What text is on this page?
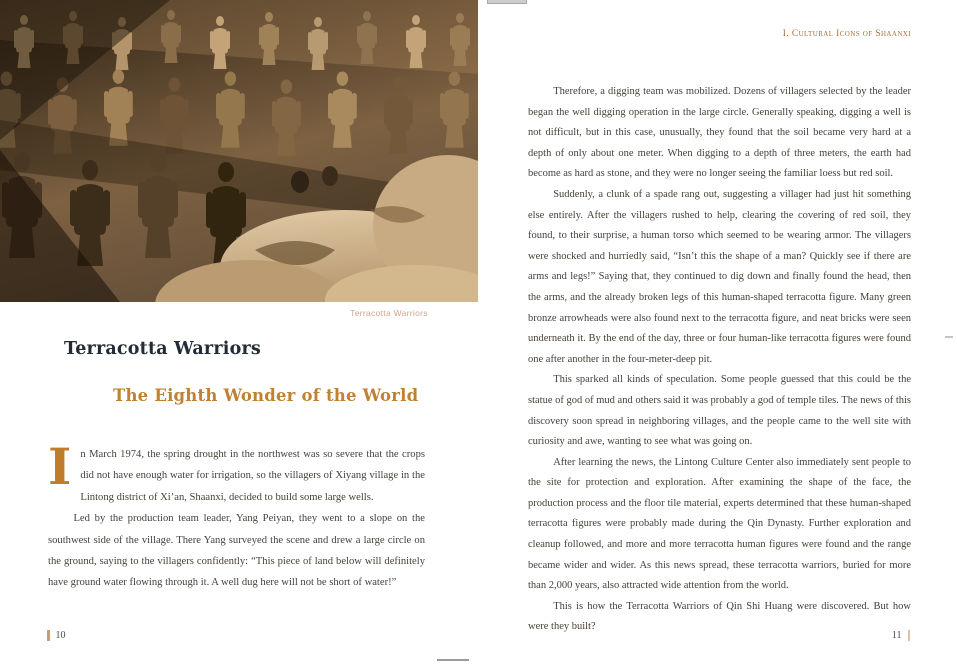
Terracotta Warriors
Terracotta Warriors
The Eighth Wonder of the World

In March 1974, the spring drought in the northwest was so severe that the crops did not have enough water for irrigation, so the villagers of Xiyang village in the Lintong district of Xi’an, Shaanxi, decided to build some large wells.

Led by the production team leader, Yang Peiyan, they went to a slope on the southwest side of the village. There Yang surveyed the scene and drew a large circle on the ground, saying to the villagers confidently: “This piece of land below will definitely have ground water flowing through it. A well dug here will not be short of water!”

10
I. Cultural Icons of Shaanxi

Therefore, a digging team was mobilized. Dozens of villagers selected by the leader began the well digging operation in the large circle. Generally speaking, digging a well is not difficult, but in this case, unusually, they found that the soil became very hard at a depth of only about one meter. When digging to a depth of three meters, the earth had become as hard as stone, and they were no longer seeing the familiar loess but red soil.

Suddenly, a clunk of a spade rang out, suggesting a villager had just hit something else entirely. After the villagers rushed to help, clearing the covering of red soil, they found, to their surprise, a human torso which seemed to be wearing armor. The villagers were shocked and hurriedly said, “Isn’t this the shape of a man? Quickly see if there are arms and legs!” Saying that, they continued to dig down and finally found the head, then the arms, and the already broken legs of this human-shaped terracotta figure. Many green bronze arrowheads were also found next to the terracotta figure, and neat bricks were seen underneath it. By the end of the day, three or four human-like terracotta figures were found one after another in the four-meter-deep pit.

This sparked all kinds of speculation. Some people guessed that this could be the statue of god of mud and others said it was probably a god of temple tiles. The news of this discovery soon spread in neighboring villages, and the people came to the well site with curiosity and awe, wanting to see what was going on.

After learning the news, the Lintong Culture Center also immediately sent people to the site for protection and exploration. After examining the shape of the face, the production process and the floor tile material, experts determined that these human-shaped terracotta figures were probably made during the Qin Dynasty. Further exploration and cleanup followed, and more and more terracotta human figures were found and the range became wider and wider. As this news spread, these terracotta warriors, buried for more than 2,000 years, also attracted wide attention from the world.

This is how the Terracotta Warriors of Qin Shi Huang were discovered. But how were they built?

11
